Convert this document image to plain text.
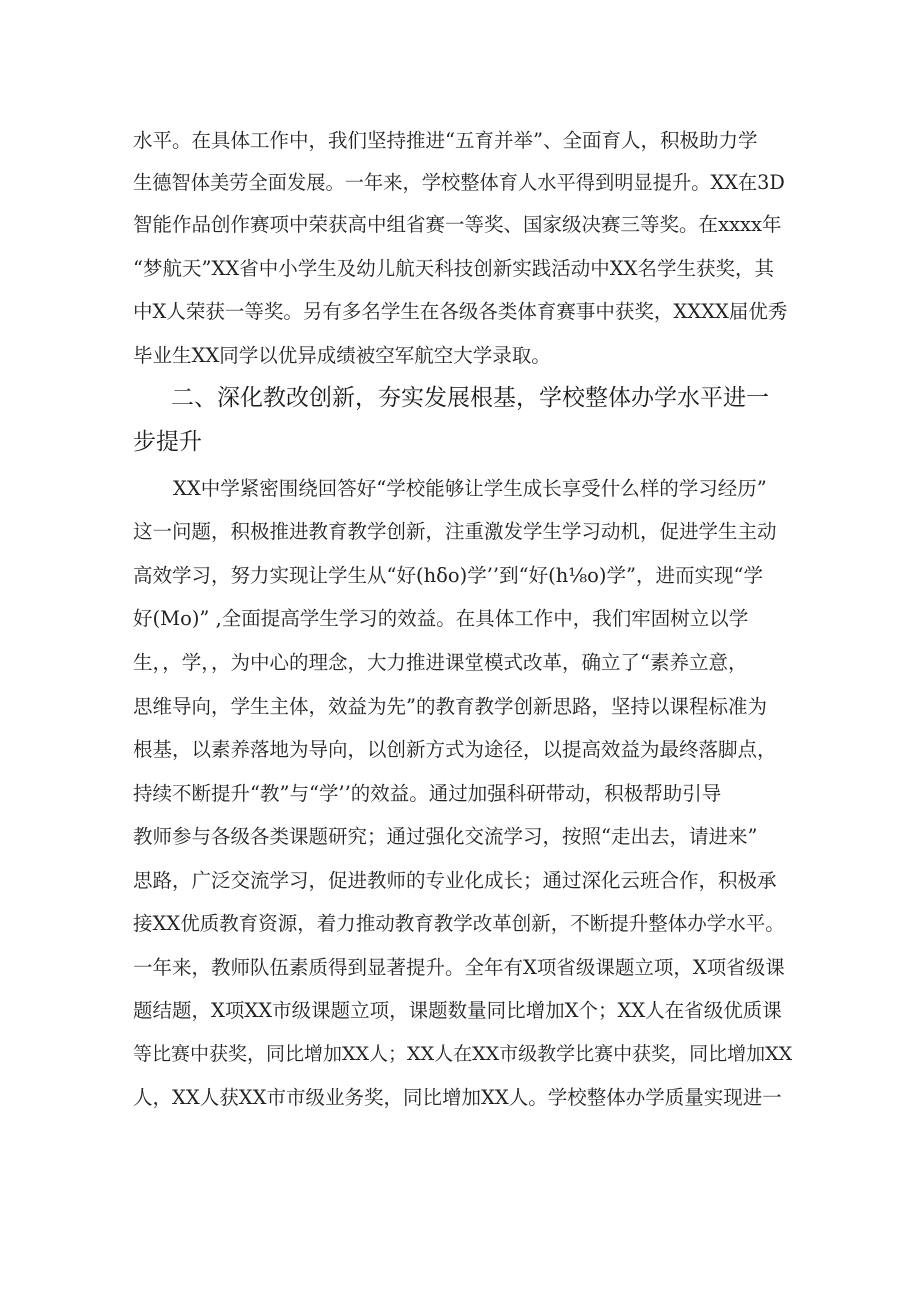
水平。在具体工作中，我们坚持推进“五育并举”、全面育人，积极助力学

生德智体美劳全面发展。一年来，学校整体育人水平得到明显提升。XX在3D

智能作品创作赛项中荣获高中组省赛一等奖、国家级决赛三等奖。在xxxx年

“梦航天”XX省中小学生及幼儿航天科技创新实践活动中XX名学生获奖，其

中X人荣获一等奖。另有多名学生在各级各类体育赛事中获奖，XXXX届优秀

毕业生XX同学以优异成绩被空军航空大学录取。

二、深化教改创新，夯实发展根基，学校整体办学水平进一

步提升

XX中学紧密围绕回答好“学校能够让学生成长享受什么样的学习经历”

这一问题，积极推进教育教学创新，注重激发学生学习动机，促进学生主动

高效学习，努力实现让学生从“好(hδo)学’’到“好(h⅛o)学”，进而实现“学

好(Mo)” ,全面提高学生学习的效益。在具体工作中，我们牢固树立以学

生，，学，，为中心的理念，大力推进课堂模式改革，确立了“素养立意，

思维导向，学生主体，效益为先”的教育教学创新思路，坚持以课程标准为

根基，以素养落地为导向，以创新方式为途径，以提高效益为最终落脚点，

持续不断提升“教”与“学’’的效益。通过加强科研带动，积极帮助引导

教师参与各级各类课题研究；通过强化交流学习，按照“走出去，请进来”

思路，广泛交流学习，促进教师的专业化成长；通过深化云班合作，积极承

接XX优质教育资源，着力推动教育教学改革创新，不断提升整体办学水平。

一年来，教师队伍素质得到显著提升。全年有X项省级课题立项，X项省级课

题结题，X项XX市级课题立项，课题数量同比增加X个；XX人在省级优质课

等比赛中获奖，同比增加XX人；XX人在XX市级教学比赛中获奖，同比增加XX

人，XX人获XX市市级业务奖，同比增加XX人。学校整体办学质量实现进一
